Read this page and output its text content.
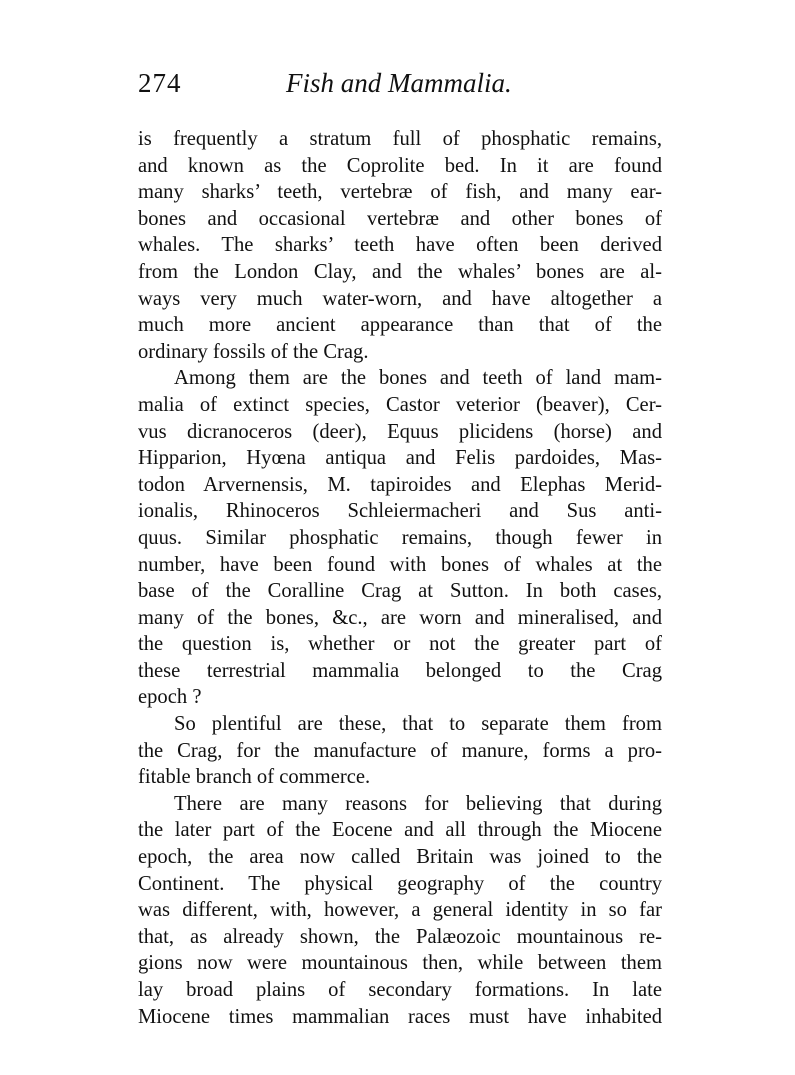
274	Fish and Mammalia.
is frequently a stratum full of phosphatic remains,
and known as the Coprolite bed. In it are found
many sharks’ teeth, vertebræ of fish, and many ear-
bones and occasional vertebræ and other bones of
whales. The sharks’ teeth have often been derived
from the London Clay, and the whales’ bones are al-
ways very much water-worn, and have altogether a
much more ancient appearance than that of the
ordinary fossils of the Crag.
Among them are the bones and teeth of land mam-
malia of extinct species, Castor veterior (beaver), Cer-
vus dicranoceros (deer), Equus plicidens (horse) and
Hipparion, Hyœna antiqua and Felis pardoides, Mas-
todon Arvernensis, M. tapiroides and Elephas Merid-
ionalis, Rhinoceros Schleiermacheri and Sus anti-
quus. Similar phosphatic remains, though fewer in
number, have been found with bones of whales at the
base of the Coralline Crag at Sutton. In both cases,
many of the bones, &c., are worn and mineralised, and
the question is, whether or not the greater part of
these terrestrial mammalia belonged to the Crag
epoch ?
So plentiful are these, that to separate them from
the Crag, for the manufacture of manure, forms a pro-
fitable branch of commerce.
There are many reasons for believing that during
the later part of the Eocene and all through the Miocene
epoch, the area now called Britain was joined to the
Continent. The physical geography of the country
was different, with, however, a general identity in so far
that, as already shown, the Palæozoic mountainous re-
gions now were mountainous then, while between them
lay broad plains of secondary formations. In late
Miocene times mammalian races must have inhabited
